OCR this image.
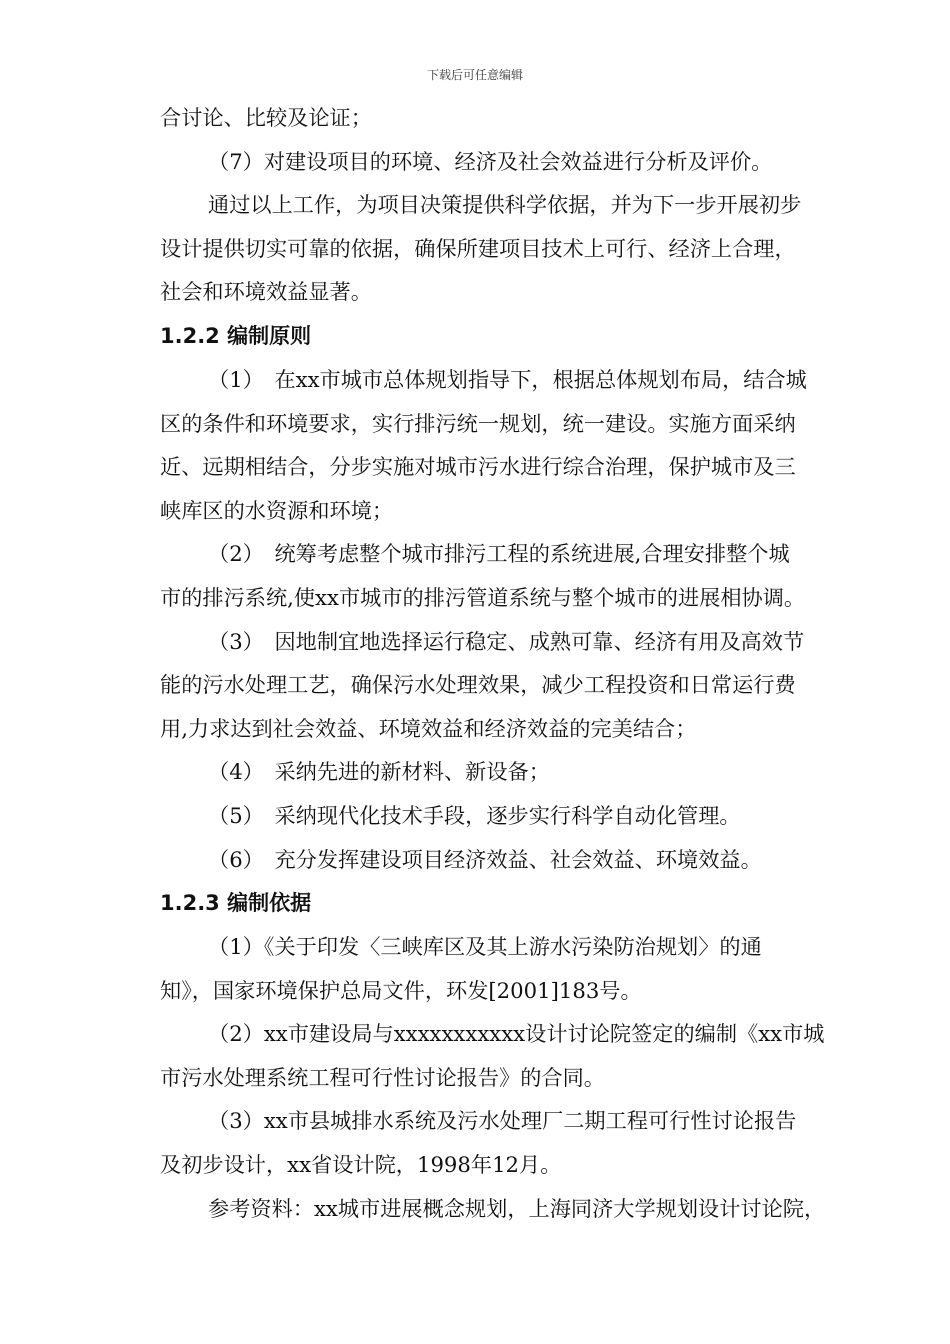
下载后可任意编辑
合讨论、比较及论证；
（7）对建设项目的环境、经济及社会效益进行分析及评价。
通过以上工作，为项目决策提供科学依据，并为下一步开展初步
设计提供切实可靠的依据，确保所建项目技术上可行、经济上合理，
社会和环境效益显著。
1.2.2 编制原则
（1）　在xx市城市总体规划指导下，根据总体规划布局，结合城
区的条件和环境要求，实行排污统一规划，统一建设。实施方面采纳
近、远期相结合，分步实施对城市污水进行综合治理，保护城市及三
峡库区的水资源和环境；
（2）　统筹考虑整个城市排污工程的系统进展,合理安排整个城
市的排污系统,使xx市城市的排污管道系统与整个城市的进展相协调。
（3）　因地制宜地选择运行稳定、成熟可靠、经济有用及高效节
能的污水处理工艺，确保污水处理效果，减少工程投资和日常运行费
用,力求达到社会效益、环境效益和经济效益的完美结合；
（4）　采纳先进的新材料、新设备；
（5）　采纳现代化技术手段，逐步实行科学自动化管理。
（6）　充分发挥建设项目经济效益、社会效益、环境效益。
1.2.3 编制依据
（1）《关于印发〈三峡库区及其上游水污染防治规划〉的通
知》，国家环境保护总局文件，环发[2001]183号。
（2）xx市建设局与xxxxxxxxxxx设计讨论院签定的编制《xx市城
市污水处理系统工程可行性讨论报告》的合同。
（3）xx市县城排水系统及污水处理厂二期工程可行性讨论报告
及初步设计，xx省设计院，1998年12月。
参考资料：xx城市进展概念规划，上海同济大学规划设计讨论院，
